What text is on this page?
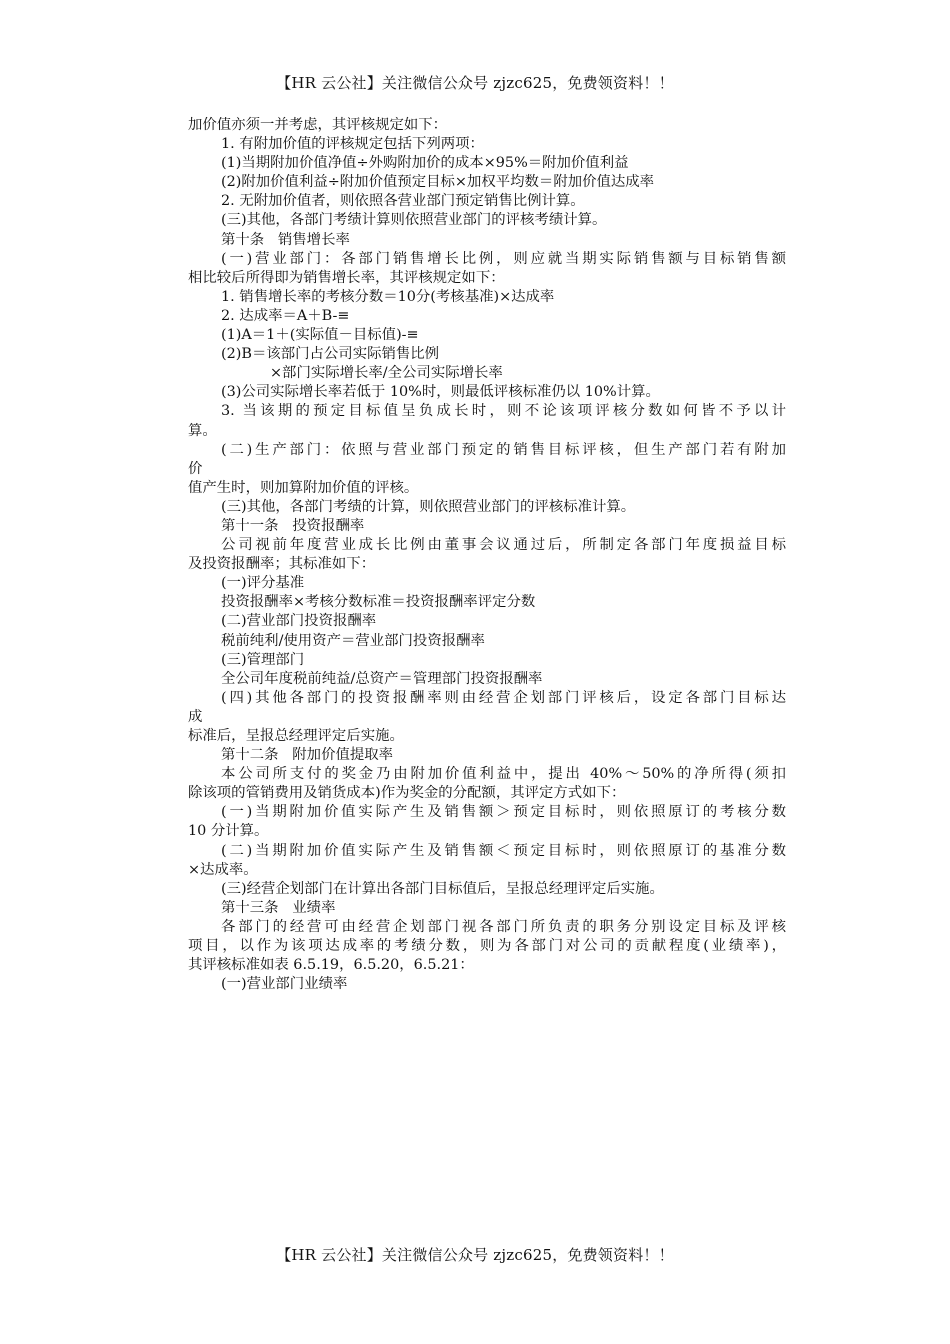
【HR 云公社】关注微信公众号 zjzc625，免费领资料！！
加价值亦须一并考虑，其评核规定如下：
1. 有附加价值的评核规定包括下列两项：
(1)当期附加价值净值÷外购附加价的成本×95%＝附加价值利益
(2)附加价值利益÷附加价值预定目标×加权平均数＝附加价值达成率
2. 无附加价值者，则依照各营业部门预定销售比例计算。
(三)其他，各部门考绩计算则依照营业部门的评核考绩计算。
第十条   销售增长率
(一)营业部门：各部门销售增长比例，则应就当期实际销售额与目标销售额
相比较后所得即为销售增长率，其评核规定如下：
1. 销售增长率的考核分数＝10分(考核基准)×达成率
2. 达成率＝A＋B-≡
(1)A＝1＋(实际值－目标值)-≡
(2)B＝该部门占公司实际销售比例
×部门实际增长率/全公司实际增长率
(3)公司实际增长率若低于 10%时，则最低评核标准仍以 10%计算。
3. 当该期的预定目标值呈负成长时，则不论该项评核分数如何皆不予以计
算。
(二)生产部门：依照与营业部门预定的销售目标评核，但生产部门若有附加
价
值产生时，则加算附加价值的评核。
(三)其他，各部门考绩的计算，则依照营业部门的评核标准计算。
第十一条   投资报酬率
公司视前年度营业成长比例由董事会议通过后，所制定各部门年度损益目标
及投资报酬率；其标准如下：
(一)评分基准
投资报酬率×考核分数标准＝投资报酬率评定分数
(二)营业部门投资报酬率
税前纯利/使用资产＝营业部门投资报酬率
(三)管理部门
全公司年度税前纯益/总资产＝管理部门投资报酬率
(四)其他各部门的投资报酬率则由经营企划部门评核后，设定各部门目标达
成
标准后，呈报总经理评定后实施。
第十二条   附加价值提取率
本公司所支付的奖金乃由附加价值利益中，提出 40%～50%的净所得(须扣
除该项的管销费用及销货成本)作为奖金的分配额，其评定方式如下：
(一)当期附加价值实际产生及销售额＞预定目标时，则依照原订的考核分数
10 分计算。
(二)当期附加价值实际产生及销售额＜预定目标时，则依照原订的基准分数
×达成率。
(三)经营企划部门在计算出各部门目标值后，呈报总经理评定后实施。
第十三条   业绩率
各部门的经营可由经营企划部门视各部门所负责的职务分别设定目标及评核
项目，以作为该项达成率的考绩分数，则为各部门对公司的贡献程度(业绩率)，
其评核标准如表 6.5.19，6.5.20，6.5.21：
(一)营业部门业绩率
【HR 云公社】关注微信公众号 zjzc625，免费领资料！！
